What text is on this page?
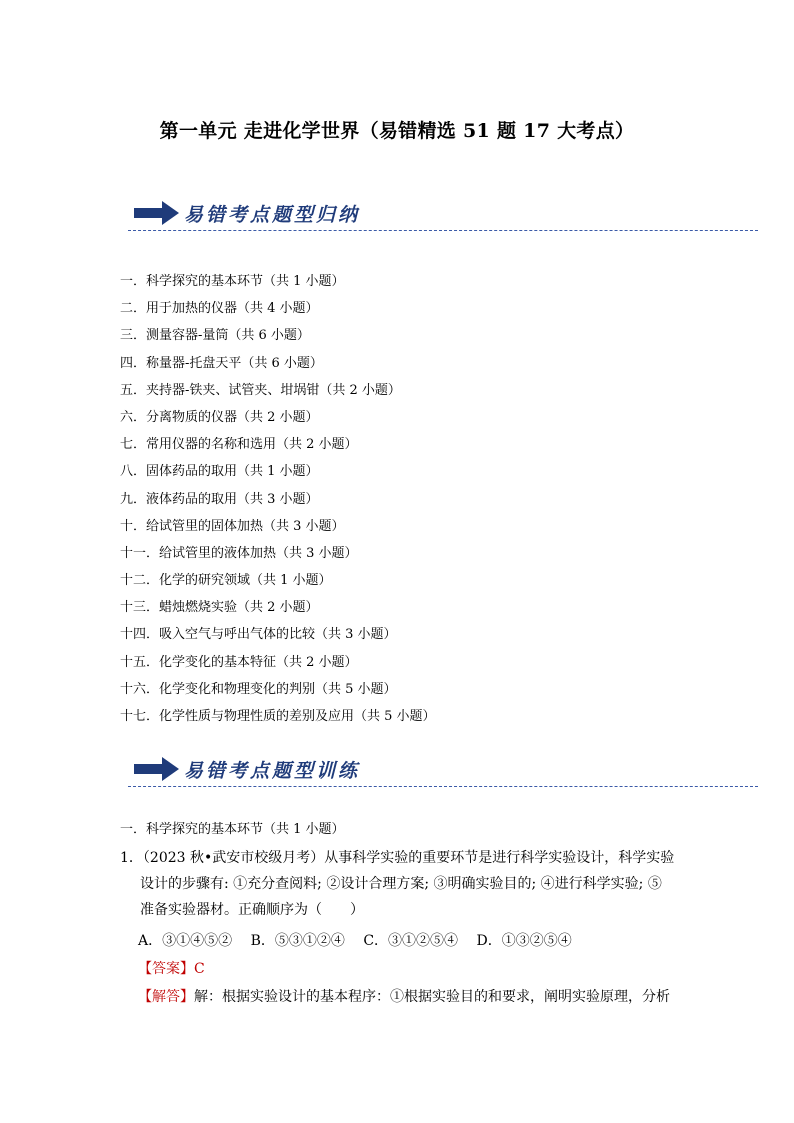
第一单元 走进化学世界（易错精选 51 题 17 大考点）
易错考点题型归纳
一．科学探究的基本环节（共 1 小题）
二．用于加热的仪器（共 4 小题）
三．测量容器-量筒（共 6 小题）
四．称量器-托盘天平（共 6 小题）
五．夹持器-铁夹、试管夹、坩埚钳（共 2 小题）
六．分离物质的仪器（共 2 小题）
七．常用仪器的名称和选用（共 2 小题）
八．固体药品的取用（共 1 小题）
九．液体药品的取用（共 3 小题）
十．给试管里的固体加热（共 3 小题）
十一．给试管里的液体加热（共 3 小题）
十二．化学的研究领域（共 1 小题）
十三．蜡烛燃烧实验（共 2 小题）
十四．吸入空气与呼出气体的比较（共 3 小题）
十五．化学变化的基本特征（共 2 小题）
十六．化学变化和物理变化的判别（共 5 小题）
十七．化学性质与物理性质的差别及应用（共 5 小题）
易错考点题型训练
一．科学探究的基本环节（共 1 小题）
1．（2023 秋•武安市校级月考）从事科学实验的重要环节是进行科学实验设计，科学实验
设计的步骤有: ①充分查阅料; ②设计合理方案; ③明确实验目的; ④进行科学实验; ⑤
准备实验器材。正确顺序为（　　）
A．③①④⑤② B．⑤③①②④ C．③①②⑤④ D．①③②⑤④
【答案】C
【解答】解：根据实验设计的基本程序：①根据实验目的和要求，阐明实验原理，分析
